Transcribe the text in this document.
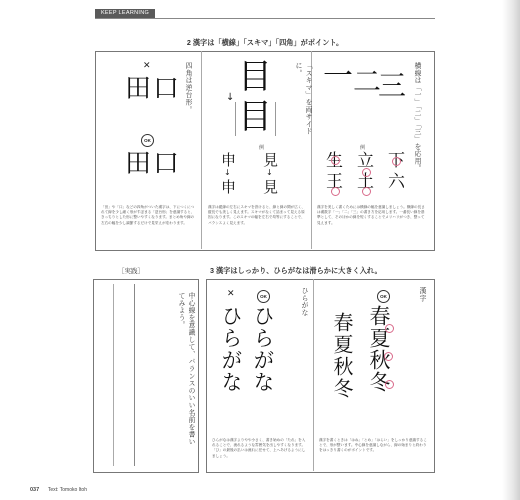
KEEP LEARNING
2 漢字は「横線」「スキマ」「四角」がポイント。
四角は逆台形。
✕
田口
OK
田口
「田」や「口」などの四角がついた漢字は、下につくにつれて線を少し細く形がすぼまる「逆台形」を意識すると、きっちりとした形に整いやすくなります。まとめ角や線の左右の幅を少し調節するだけで見栄えが変わります。
「スキマ」を両サイドに。
目
↓ 目
例
申 見
↓	↓
申 見
漢字は縦線の左右にスキマを設けると、線と線の間が広く、縦長でも美しく見えます。スキマがなくて詰まって見える原因になります。このスキマの幅を左右で均等にすることで、バランスよく見えます。
横線は「一」「二」「三」を応用。
一 二
三
例
生 立 下
王 土 六
漢字を美しく書くためには横線の幅を意識しましょう。横線の長さは漢数字「一」「二」「三」の書き方を応用します。一番長い線を基準として、そのほかの線を短くすることでメリハリがつき、整って見えます。
［実践］	3 漢字はしっかり、ひらがなは滑らかに大きく入れ。
中心線を意識して、バランスのいい名前を書いてみよう。	ひらがな
✕	OK
ひらがな ひらがな
ひらがなは漢字よりやや小さく、書き始めの「たれ」を入れることで、流れるような雰囲気を出しやすくなります。「ひ」の最後の払いは流れに任せて、上へあげるようにしましょう。
漢字
OK
春夏秋冬
春夏秋冬
漢字を書くときは「はね」「とめ」「はらい」をしっかり意識することで、形が整います。中心線を意識しながら、線の始まりと終わりをはっきり書くのがポイントです。
037 Text: Tomoko Itoh
